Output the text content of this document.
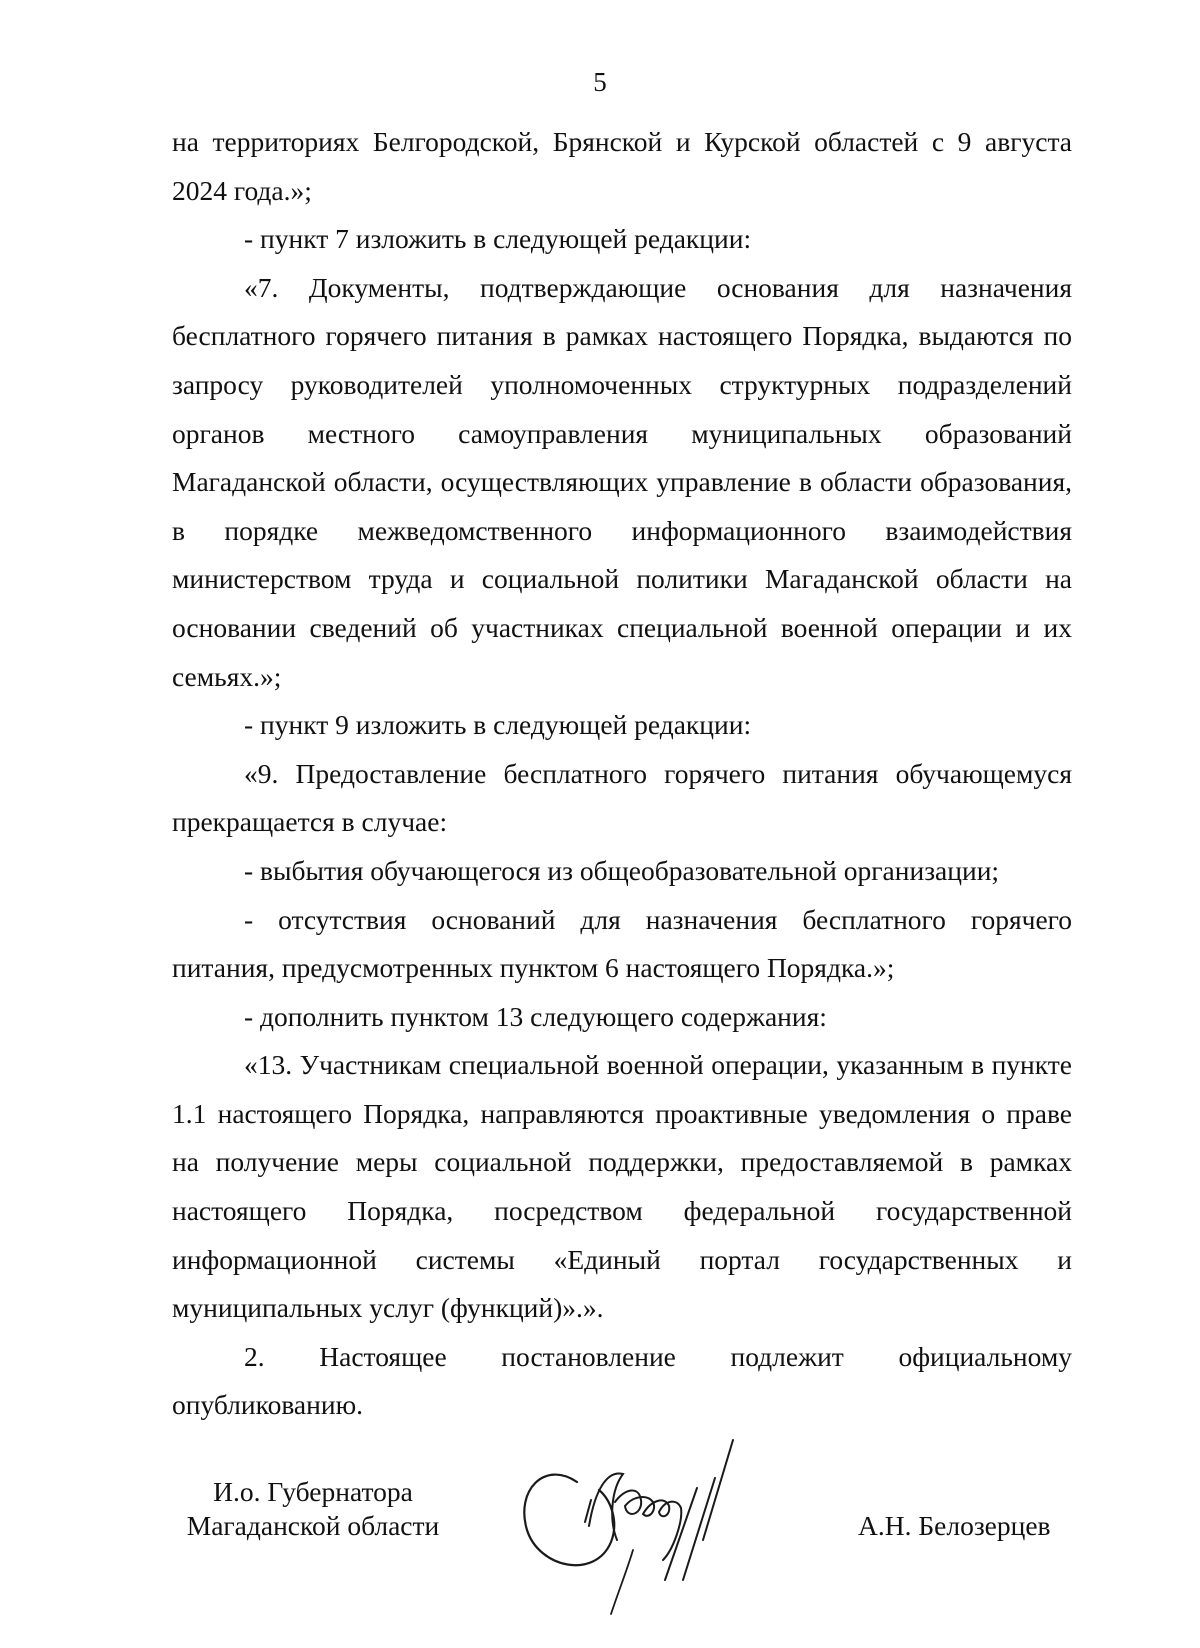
5

на территориях Белгородской, Брянской и Курской областей с 9 августа 2024 года.»;

- пункт 7 изложить в следующей редакции:

«7. Документы, подтверждающие основания для назначения бесплатного горячего питания в рамках настоящего Порядка, выдаются по запросу руководителей уполномоченных структурных подразделений органов местного самоуправления муниципальных образований Магаданской области, осуществляющих управление в области образования, в порядке межведомственного информационного взаимодействия министерством труда и социальной политики Магаданской области на основании сведений об участниках специальной военной операции и их семьях.»;

- пункт 9 изложить в следующей редакции:

«9. Предоставление бесплатного горячего питания обучающемуся прекращается в случае:

- выбытия обучающегося из общеобразовательной организации;

- отсутствия оснований для назначения бесплатного горячего питания, предусмотренных пунктом 6 настоящего Порядка.»;

- дополнить пунктом 13 следующего содержания:

«13. Участникам специальной военной операции, указанным в пункте 1.1 настоящего Порядка, направляются проактивные уведомления о праве на получение меры социальной поддержки, предоставляемой в рамках настоящего Порядка, посредством федеральной государственной информационной системы «Единый портал государственных и муниципальных услуг (функций)».».

2. Настоящее постановление подлежит официальному опубликованию.

И.о. Губернатора
Магаданской области	А.Н. Белозерцев
